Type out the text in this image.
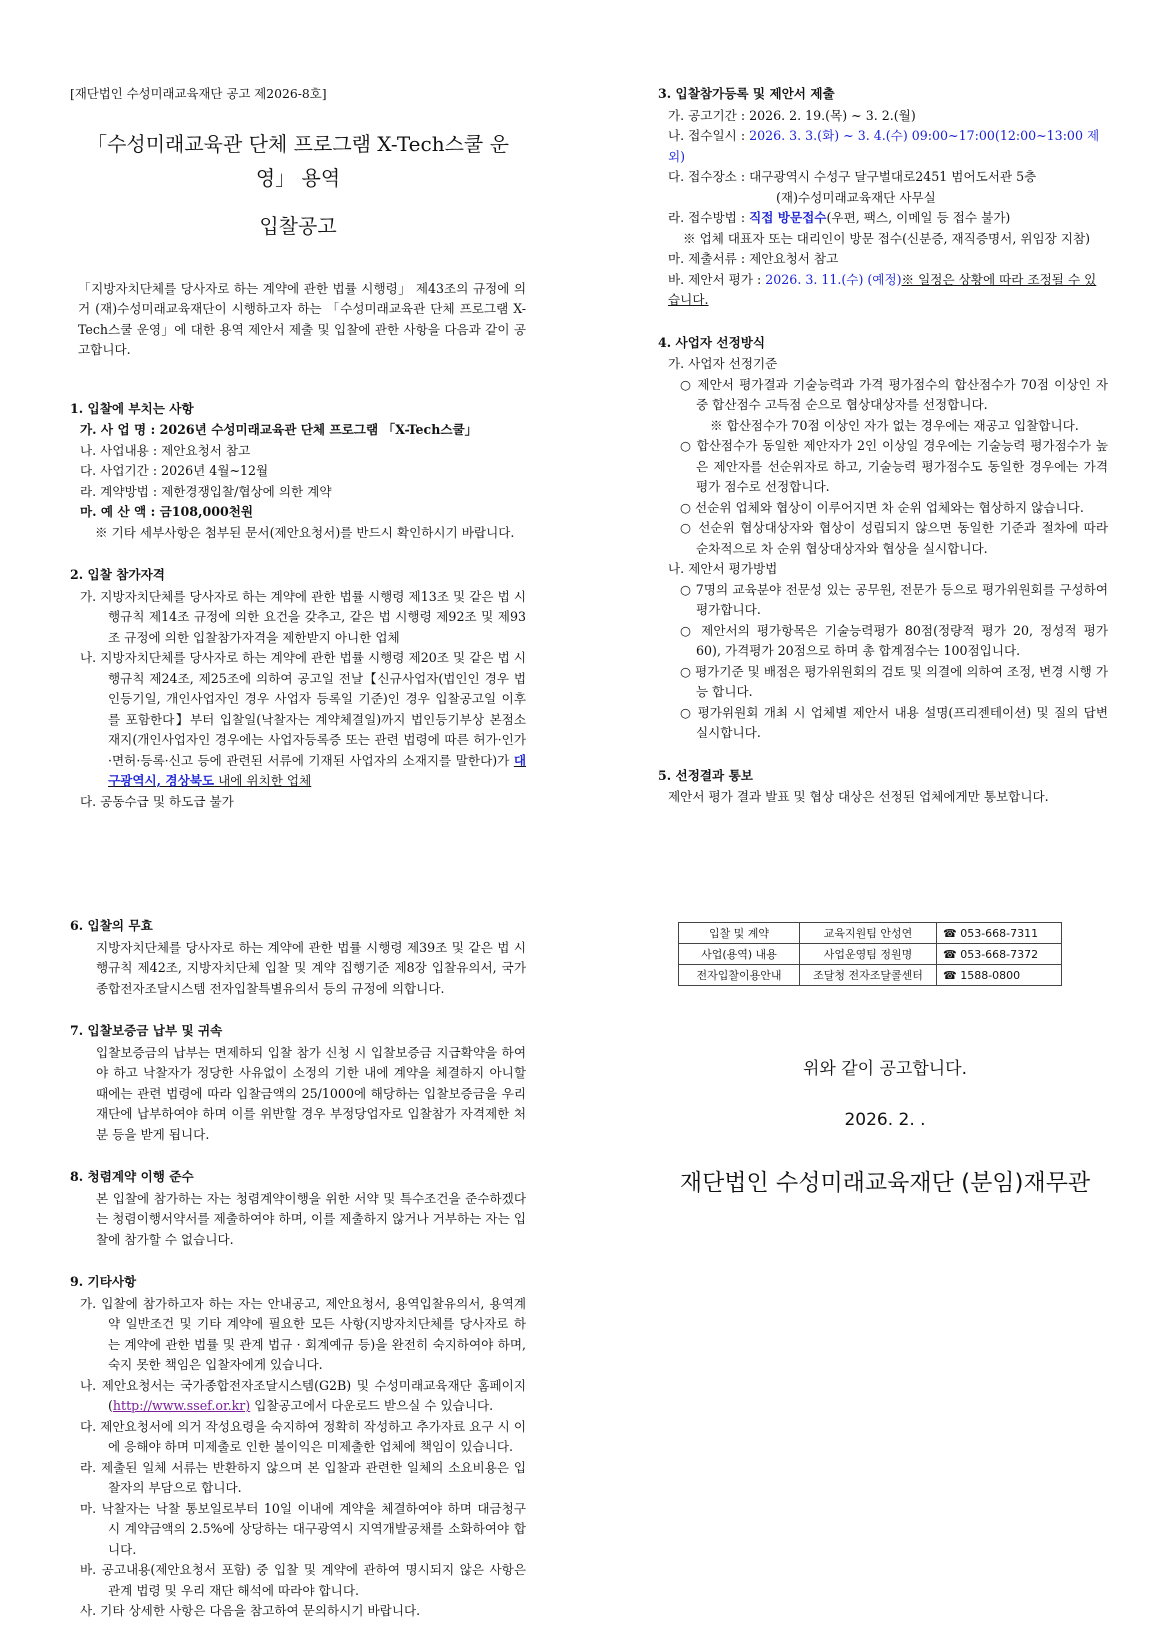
[재단법인 수성미래교육재단 공고 제2026-8호]
「수성미래교육관 단체 프로그램 X-Tech스쿨 운영」 용역
입찰공고

「지방자치단체를 당사자로 하는 계약에 관한 법률 시행령」 제43조의 규정에 의거 (재)수성미래교육재단이 시행하고자 하는 「수성미래교육관 단체 프로그램 X-Tech스쿨 운영」에 대한 용역 제안서 제출 및 입찰에 관한 사항을 다음과 같이 공고합니다.

1. 입찰에 부치는 사항

가. 사 업 명 : 2026년 수성미래교육관 단체 프로그램 「X-Tech스쿨」

나. 사업내용 : 제안요청서 참고

다. 사업기간 : 2026년 4월~12월

라. 계약방법 : 제한경쟁입찰/협상에 의한 계약

마. 예 산 액 : 금108,000천원

※ 기타 세부사항은 첨부된 문서(제안요청서)를 반드시 확인하시기 바랍니다.

2. 입찰 참가자격

가. 지방자치단체를 당사자로 하는 계약에 관한 법률 시행령 제13조 및 같은 법 시행규칙 제14조 규정에 의한 요건을 갖추고, 같은 법 시행령 제92조 및 제93조 규정에 의한 입찰참가자격을 제한받지 아니한 업체

나. 지방자치단체를 당사자로 하는 계약에 관한 법률 시행령 제20조 및 같은 법 시행규칙 제24조, 제25조에 의하여 공고일 전날【신규사업자(법인인 경우 법인등기일, 개인사업자인 경우 사업자 등록일 기준)인 경우 입찰공고일 이후를 포함한다】부터 입찰일(낙찰자는 계약체결일)까지 법인등기부상 본점소재지(개인사업자인 경우에는 사업자등록증 또는 관련 법령에 따른 허가·인가·면허·등록·신고 등에 관련된 서류에 기재된 사업자의 소재지를 말한다)가 대구광역시, 경상북도 내에 위치한 업체

다. 공동수급 및 하도급 불가

3. 입찰참가등록 및 제안서 제출

가. 공고기간 : 2026. 2. 19.(목) ~ 3. 2.(월)

나. 접수일시 : 2026. 3. 3.(화) ~ 3. 4.(수) 09:00~17:00(12:00~13:00 제외)

다. 접수장소 : 대구광역시 수성구 달구벌대로2451 범어도서관 5층

(재)수성미래교육재단 사무실

라. 접수방법 : 직접 방문접수(우편, 팩스, 이메일 등 접수 불가)

※ 업체 대표자 또는 대리인이 방문 접수(신분증, 재직증명서, 위임장 지참)

마. 제출서류 : 제안요청서 참고

바. 제안서 평가 : 2026. 3. 11.(수) (예정)※ 일정은 상황에 따라 조정될 수 있습니다.

4. 사업자 선정방식

가. 사업자 선정기준

○ 제안서 평가결과 기술능력과 가격 평가점수의 합산점수가 70점 이상인 자 중 합산점수 고득점 순으로 협상대상자를 선정합니다.

※ 합산점수가 70점 이상인 자가 없는 경우에는 재공고 입찰합니다.

○ 합산점수가 동일한 제안자가 2인 이상일 경우에는 기술능력 평가점수가 높은 제안자를 선순위자로 하고, 기술능력 평가점수도 동일한 경우에는 가격평가 점수로 선정합니다.

○ 선순위 업체와 협상이 이루어지면 차 순위 업체와는 협상하지 않습니다.

○ 선순위 협상대상자와 협상이 성립되지 않으면 동일한 기준과 절차에 따라 순차적으로 차 순위 협상대상자와 협상을 실시합니다.

나. 제안서 평가방법

○ 7명의 교육분야 전문성 있는 공무원, 전문가 등으로 평가위원회를 구성하여 평가합니다.

○ 제안서의 평가항목은 기술능력평가 80점(정량적 평가 20, 정성적 평가 60), 가격평가 20점으로 하며 총 합계점수는 100점입니다.

○ 평가기준 및 배점은 평가위원회의 검토 및 의결에 의하여 조정, 변경 시행 가능 합니다.

○ 평가위원회 개최 시 업체별 제안서 내용 설명(프리젠테이션) 및 질의 답변 실시합니다.

5. 선정결과 통보

제안서 평가 결과 발표 및 협상 대상은 선정된 업체에게만 통보합니다.

6. 입찰의 무효

지방자치단체를 당사자로 하는 계약에 관한 법률 시행령 제39조 및 같은 법 시행규칙 제42조, 지방자치단체 입찰 및 계약 집행기준 제8장 입찰유의서, 국가종합전자조달시스템 전자입찰특별유의서 등의 규정에 의합니다.

7. 입찰보증금 납부 및 귀속

입찰보증금의 납부는 면제하되 입찰 참가 신청 시 입찰보증금 지급확약을 하여야 하고 낙찰자가 정당한 사유없이 소정의 기한 내에 계약을 체결하지 아니할 때에는 관련 법령에 따라 입찰금액의 25/1000에 해당하는 입찰보증금을 우리 재단에 납부하여야 하며 이를 위반할 경우 부정당업자로 입찰참가 자격제한 처분 등을 받게 됩니다.

8. 청렴계약 이행 준수

본 입찰에 참가하는 자는 청렴계약이행을 위한 서약 및 특수조건을 준수하겠다는 청렴이행서약서를 제출하여야 하며, 이를 제출하지 않거나 거부하는 자는 입찰에 참가할 수 없습니다.

9. 기타사항

가. 입찰에 참가하고자 하는 자는 안내공고, 제안요청서, 용역입찰유의서, 용역계약 일반조건 및 기타 계약에 필요한 모든 사항(지방자치단체를 당사자로 하는 계약에 관한 법률 및 관계 법규 · 회계예규 등)을 완전히 숙지하여야 하며, 숙지 못한 책임은 입찰자에게 있습니다.

나. 제안요청서는 국가종합전자조달시스템(G2B) 및 수성미래교육재단 홈페이지(http://www.ssef.or.kr) 입찰공고에서 다운로드 받으실 수 있습니다.

다. 제안요청서에 의거 작성요령을 숙지하여 정확히 작성하고 추가자료 요구 시 이에 응해야 하며 미제출로 인한 불이익은 미제출한 업체에 책임이 있습니다.

라. 제출된 일체 서류는 반환하지 않으며 본 입찰과 관련한 일체의 소요비용은 입찰자의 부담으로 합니다.

마. 낙찰자는 낙찰 통보일로부터 10일 이내에 계약을 체결하여야 하며 대금청구 시 계약금액의 2.5%에 상당하는 대구광역시 지역개발공채를 소화하여야 합니다.

바. 공고내용(제안요청서 포함) 중 입찰 및 계약에 관하여 명시되지 않은 사항은 관계 법령 및 우리 재단 해석에 따라야 합니다.

사. 기타 상세한 사항은 다음을 참고하여 문의하시기 바랍니다.

입찰 및 계약	교육지원팀 안성연	☎ 053-668-7311
사업(용역) 내용	사업운영팀 정원명	☎ 053-668-7372
전자입찰이용안내	조달청 전자조달콜센터	☎ 1588-0800
위와 같이 공고합니다.
2026. 2. .
재단법인 수성미래교육재단 (분임)재무관
